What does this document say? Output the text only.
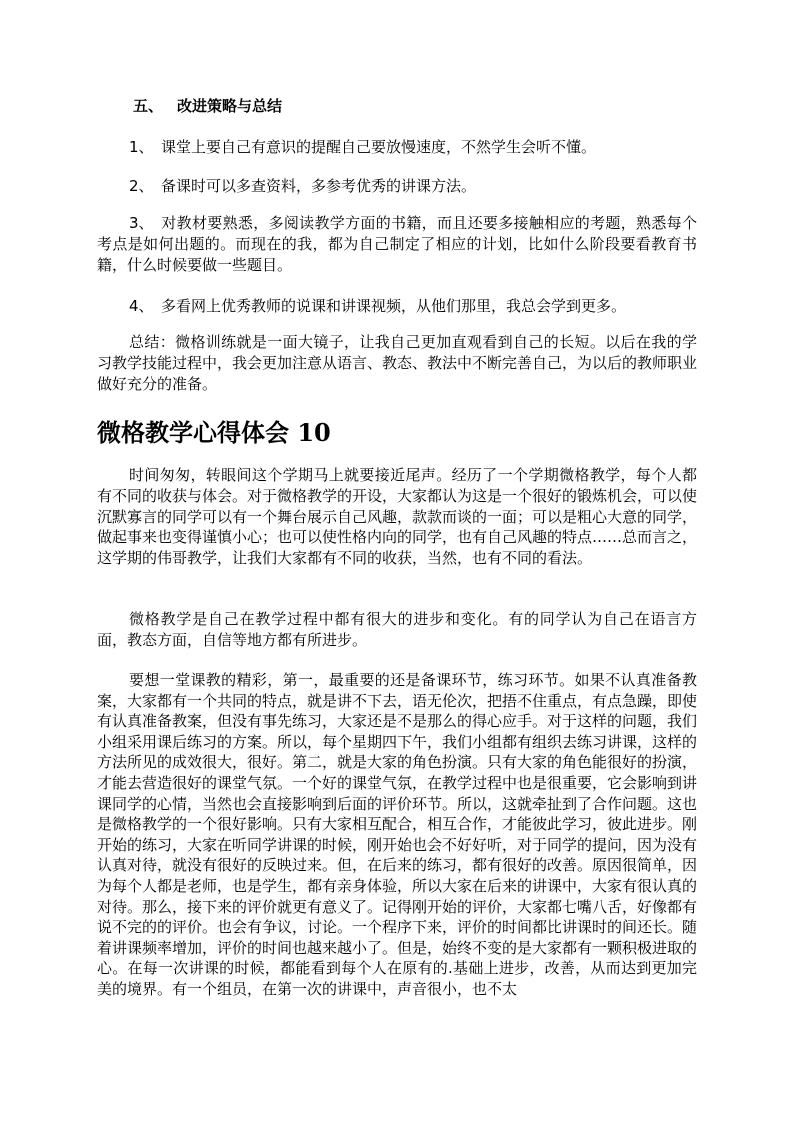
五、 改进策略与总结
1、 课堂上要自己有意识的提醒自己要放慢速度，不然学生会听不懂。
2、 备课时可以多查资料，多参考优秀的讲课方法。
3、 对教材要熟悉，多阅读教学方面的书籍，而且还要多接触相应的考题，熟悉每个考点是如何出题的。而现在的我，都为自己制定了相应的计划，比如什么阶段要看教育书籍，什么时候要做一些题目。
4、 多看网上优秀教师的说课和讲课视频，从他们那里，我总会学到更多。
总结：微格训练就是一面大镜子，让我自己更加直观看到自己的长短。以后在我的学习教学技能过程中，我会更加注意从语言、教态、教法中不断完善自己，为以后的教师职业做好充分的准备。
微格教学心得体会 10
时间匆匆，转眼间这个学期马上就要接近尾声。经历了一个学期微格教学，每个人都有不同的收获与体会。对于微格教学的开设，大家都认为这是一个很好的锻炼机会，可以使沉默寡言的同学可以有一个舞台展示自己风趣，款款而谈的一面；可以是粗心大意的同学，做起事来也变得谨慎小心；也可以使性格内向的同学，也有自己风趣的特点……总而言之，这学期的伟哥教学，让我们大家都有不同的收获，当然，也有不同的看法。
微格教学是自己在教学过程中都有很大的进步和变化。有的同学认为自己在语言方面，教态方面，自信等地方都有所进步。
要想一堂课教的精彩，第一，最重要的还是备课环节，练习环节。如果不认真准备教案，大家都有一个共同的特点，就是讲不下去，语无伦次，把捂不住重点，有点急躁，即使有认真准备教案，但没有事先练习，大家还是不是那么的得心应手。对于这样的问题，我们小组采用课后练习的方案。所以，每个星期四下午，我们小组都有组织去练习讲课，这样的方法所见的成效很大，很好。第二，就是大家的角色扮演。只有大家的角色能很好的扮演，才能去营造很好的课堂气氛。一个好的课堂气氛，在教学过程中也是很重要，它会影响到讲课同学的心情，当然也会直接影响到后面的评价环节。所以，这就牵扯到了合作问题。这也是微格教学的一个很好影响。只有大家相互配合，相互合作，才能彼此学习，彼此进步。刚开始的练习，大家在听同学讲课的时候，刚开始也会不好好听，对于同学的提问，因为没有认真对待，就没有很好的反映过来。但，在后来的练习，都有很好的改善。原因很简单，因为每个人都是老师，也是学生，都有亲身体验，所以大家在后来的讲课中，大家有很认真的对待。那么，接下来的评价就更有意义了。记得刚开始的评价，大家都七嘴八舌，好像都有说不完的的评价。也会有争议，讨论。一个程序下来，评价的时间都比讲课时的间还长。随着讲课频率增加，评价的时间也越来越小了。但是，始终不变的是大家都有一颗积极进取的心。在每一次讲课的时候，都能看到每个人在原有的.基础上进步，改善，从而达到更加完美的境界。有一个组员，在第一次的讲课中，声音很小，也不太
